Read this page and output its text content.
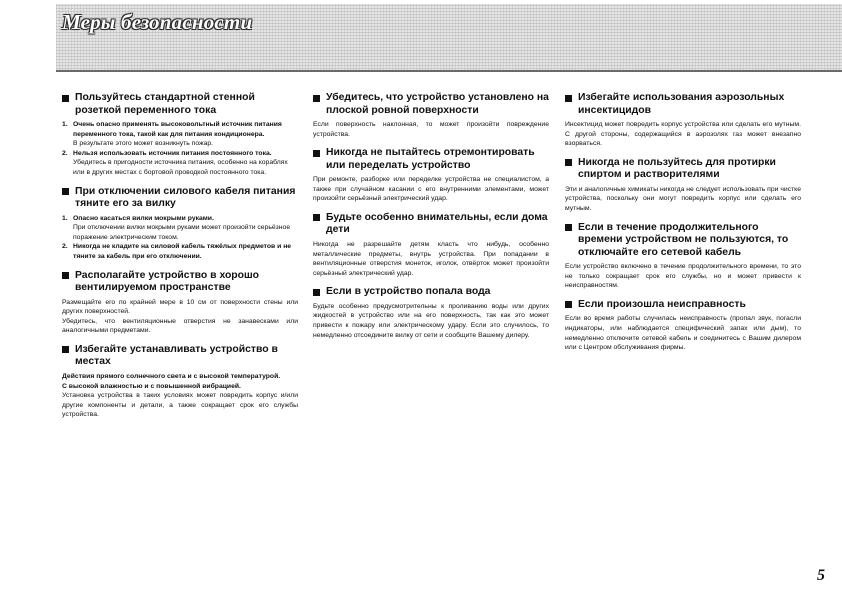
Меры безопасности
Пользуйтесь стандартной стенной розеткой переменного тока
1. Очень опасно применять высоковольтный источник питания переменного тока, такой как для питания кондиционера.
В результате этого может возникнуть пожар.
2. Нельзя использовать источник питания постоянного тока.
Убедитесь в пригодности источника питания, особенно на кораблях или в других местах с бортовой проводкой постоянного тока.
При отключении силового кабеля питания тяните его за вилку
1. Опасно касаться вилки мокрыми руками.
При отключении вилки мокрыми руками может произойти серьёзное поражение электрическим током.
2. Никогда не кладите на силовой кабель тяжёлых предметов и не тяните за кабель при его отключении.
Располагайте устройство в хорошо вентилируемом пространстве

Размещайте его по крайней мере в 10 см от поверхности стены или других поверхностей.

Убедитесь, что вентиляционные отверстия не занавесками или аналогичными предметами.

Избегайте устанавливать устройство в местах
Действия прямого солнечного света и с высокой температурой.
С высокой влажностью и с повышенной вибрацией.

Установка устройства в таких условиях может повредить корпус и/или другие компоненты и детали, а также сокращает срок его службы устройства.

Убедитесь, что устройство установлено на плоской ровной поверхности

Если поверхность наклонная, то может произойти повреждение устройства.

Никогда не пытайтесь отремонтировать или переделать устройство

При ремонте, разборке или переделке устройства не специалистом, а также при случайном касании с его внутренними элементами, может произойти серьёзный электрический удар.

Будьте особенно внимательны, если дома дети

Никогда не разрешайте детям класть что нибудь, особенно металлические предметы, внутрь устройства. При попадании в вентиляционные отверстия монеток, иголок, отвёрток может произойти серьёзный электрический удар.

Если в устройство попала вода

Будьте особенно предусмотрительны к проливанию воды или других жидкостей в устройство или на его поверхность, так как это может привести к пожару или электрическому удару. Если это случилось, то немедленно отсоедините вилку от сети и сообщите Вашему дилеру.

Избегайте использования аэрозольных инсектицидов

Инсектицид может повредить корпус устройства или сделать его мутным. С другой стороны, содержащийся в аэрозолях газ может внезапно взорваться.

Никогда не пользуйтесь для протирки спиртом и растворителями

Эти и аналогичные химикаты никогда не следует использовать при чистке устройства, поскольку они могут повредить корпус или сделать его мутным.

Если в течение продолжительного времени устройством не пользуются, то отключайте его сетевой кабель

Если устройство включено в течение продолжительного времени, то это не только сокращает срок его службы, но и может привести к неисправностям.

Если произошла неисправность

Если во время работы случилась неисправность (пропал звук, погасли индикаторы, или наблюдается специфический запах или дым), то немедленно отключите сетевой кабель и соединитесь с Вашим дилером или с Центром обслуживания фирмы.

5
